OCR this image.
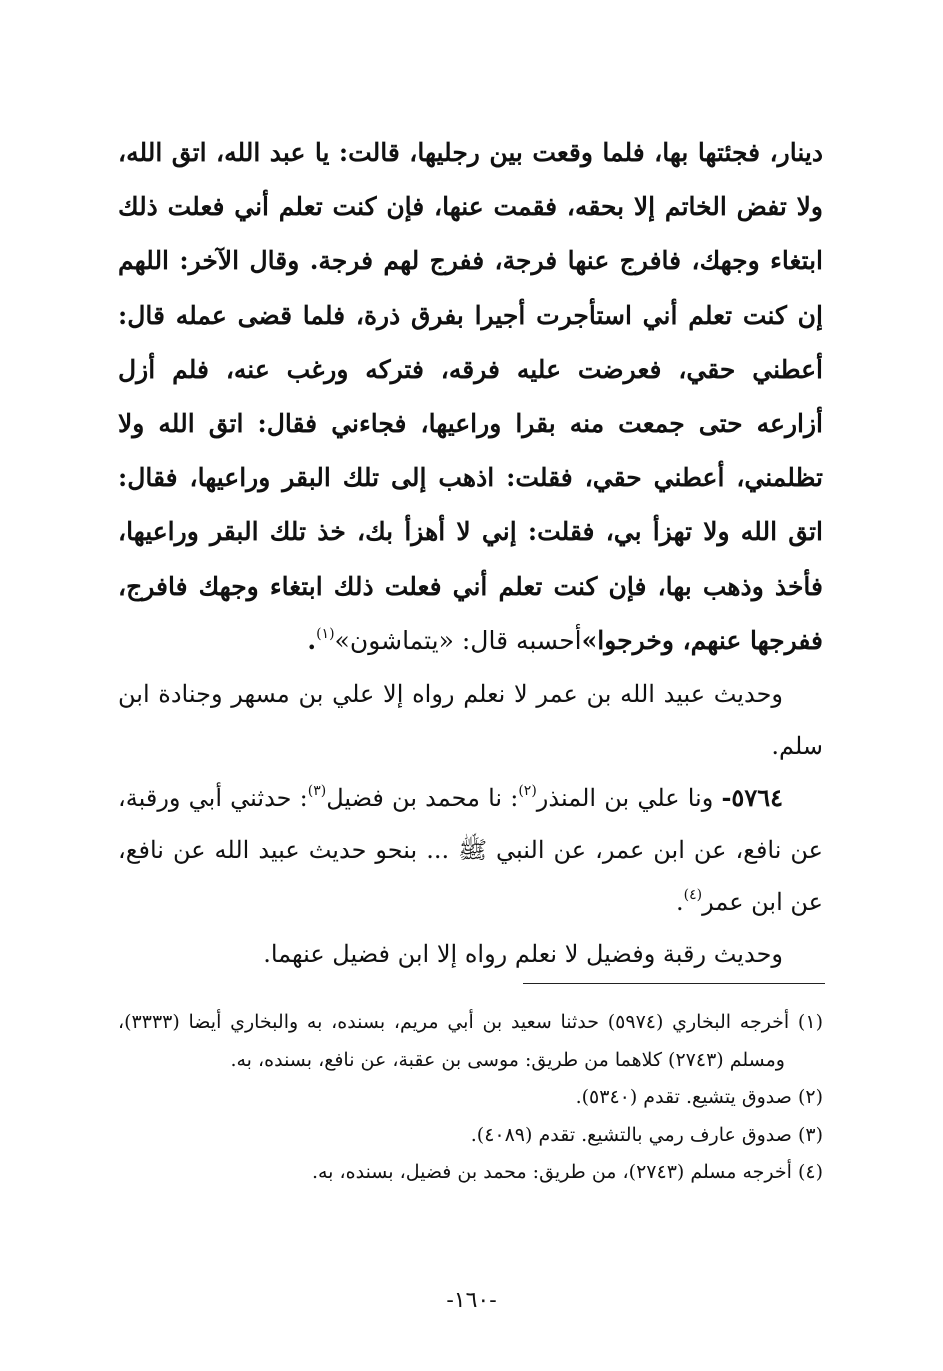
دينار، فجئتها بها، فلما وقعت بين رجليها، قالت: يا عبد الله، اتق الله، ولا تفض الخاتم إلا بحقه، فقمت عنها، فإن كنت تعلم أني فعلت ذلك ابتغاء وجهك، فافرج عنها فرجة، ففرج لهم فرجة. وقال الآخر: اللهم إن كنت تعلم أني استأجرت أجيرا بفرق ذرة، فلما قضى عمله قال: أعطني حقي، فعرضت عليه فرقه، فتركه ورغب عنه، فلم أزل أزارعه حتى جمعت منه بقرا وراعيها، فجاءني فقال: اتق الله ولا تظلمني، أعطني حقي، فقلت: اذهب إلى تلك البقر وراعيها، فقال: اتق الله ولا تهزأ بي، فقلت: إني لا أهزأ بك، خذ تلك البقر وراعيها، فأخذ وذهب بها، فإن كنت تعلم أني فعلت ذلك ابتغاء وجهك فافرج، ففرجها عنهم، وخرجوا»أحسبه قال: «يتماشون»$^{(١)}$.

وحديث عبيد الله بن عمر لا نعلم رواه إلا علي بن مسهر وجنادة ابن سلم.

٥٧٦٤- ونا علي بن المنذر$^{(٢)}$: نا محمد بن فضيل$^{(٣)}$: حدثني أبي ورقبة، عن نافع، عن ابن عمر، عن النبي ﷺ ... بنحو حديث عبيد الله عن نافع، عن ابن عمر$^{(٤)}$.

وحديث رقبة وفضيل لا نعلم رواه إلا ابن فضيل عنهما.

(١) أخرجه البخاري (٥٩٧٤) حدثنا سعيد بن أبي مريم، بسنده، به والبخاري أيضا (٣٣٣٣)، ومسلم (٢٧٤٣) كلاهما من طريق: موسى بن عقبة، عن نافع، بسنده، به.

(٢) صدوق يتشيع. تقدم (٥٣٤٠).

(٣) صدوق عارف رمي بالتشيع. تقدم (٤٠٨٩).

(٤) أخرجه مسلم (٢٧٤٣)، من طريق: محمد بن فضيل، بسنده، به.

-١٦٠-
